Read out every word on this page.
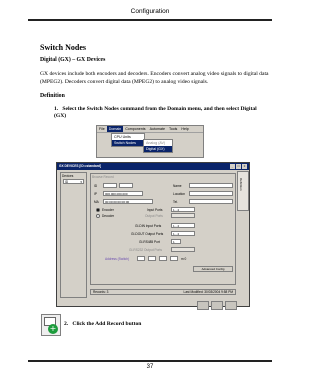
Configuration
Switch Nodes
Digital (GX) – GX Devices
GX devices include both encoders and decoders. Encoders convert analog video signals to digital data (MPEG2). Decoders convert digital data (MPEG2) to analog video signals.
Definition
1. Select the Switch Nodes command from the Domain menu, and then select Digital (GX)
File	Domain	Components	Automate	Tools	Help
CPU Units
Switch Nodes	Analog (AV)
Digital (GX)
GX DEVICES [ID:=standard]	_	□	×
Definition
Devices
ID	▾
Browse Record
ID	Name
IP	000.000.000.000	Location
MA	00:00:00:00:00:00	Tel.
Encoder	Input Ports	1 - 4
Decoder	Output Ports
GI-DIN Input Ports	1 - 4
GI-DOUT Output Ports	1 - 4
GI-RS485 Port	1
GI-RS232 Output Ports
Address (Switch)	m 0
Advanced Config
Records: 3	Last Modified: 30/03/2004 9:58 PM
+ 2. Click the Add Record button
37
